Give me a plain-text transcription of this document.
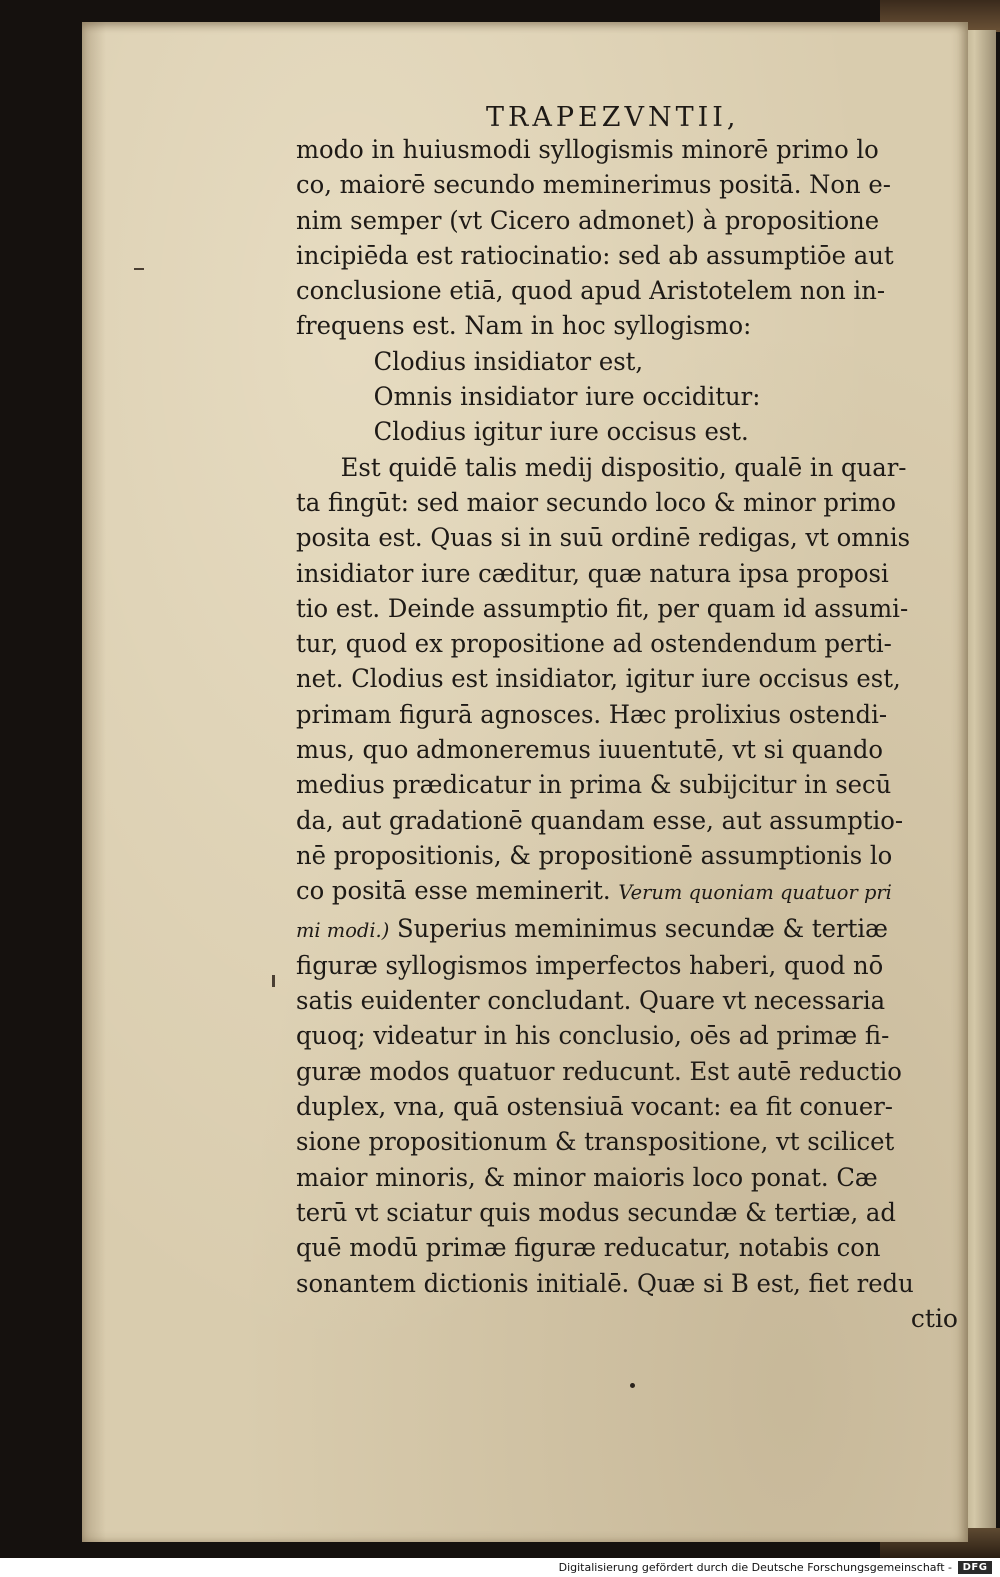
TRAPEZVNTII,
modo in huiusmodi syllogismis minorē primo lo
co, maiorē secundo meminerimus positā. Non e-
nim semper (vt Cicero admonet) à propositione
incipiēda est ratiocinatio: sed ab assumptiōe aut
conclusione etiā, quod apud Aristotelem non in-
frequens est. Nam in hoc syllogismo:
Clodius insidiator est,
Omnis insidiator iure occiditur:
Clodius igitur iure occisus est.
Est quidē talis medij dispositio, qualē in quar-
ta fingūt: sed maior secundo loco & minor primo
posita est. Quas si in suū ordinē redigas, vt omnis
insidiator iure cæditur, quæ natura ipsa proposi
tio est. Deinde assumptio fit, per quam id assumi-
tur, quod ex propositione ad ostendendum perti-
net. Clodius est insidiator, igitur iure occisus est,
primam figurā agnosces. Hæc prolixius ostendi-
mus, quo admoneremus iuuentutē, vt si quando
medius prædicatur in prima & subijcitur in secū
da, aut gradationē quandam esse, aut assumptio-
nē propositionis, & propositionē assumptionis lo
co positā esse meminerit. Verum quoniam quatuor pri
mi modi.) Superius meminimus secundæ & tertiæ
figuræ syllogismos imperfectos haberi, quod nō
satis euidenter concludant. Quare vt necessaria
quoq; videatur in his conclusio, oēs ad primæ fi-
guræ modos quatuor reducunt. Est autē reductio
duplex, vna, quā ostensiuā vocant: ea fit conuer-
sione propositionum & transpositione, vt scilicet
maior minoris, & minor maioris loco ponat. Cæ
terū vt sciatur quis modus secundæ & tertiæ, ad
quē modū primæ figuræ reducatur, notabis con
sonantem dictionis initialē. Quæ si B est, fiet redu
ctio
Digitalisierung gefördert durch die Deutsche Forschungsgemeinschaft -	DFG
